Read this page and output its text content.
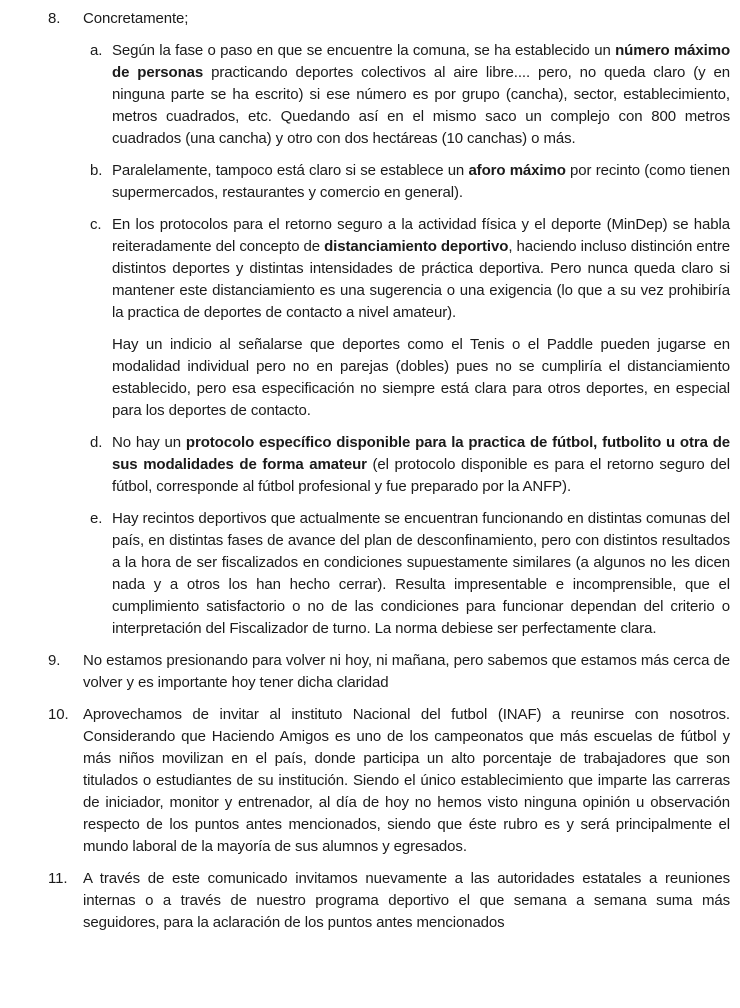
8.	Concretamente;

a. Según la fase o paso en que se encuentre la comuna, se ha establecido un número máximo de personas practicando deportes colectivos al aire libre.... pero, no queda claro (y en ninguna parte se ha escrito) si ese número es por grupo (cancha), sector, establecimiento, metros cuadrados, etc. Quedando así en el mismo saco un complejo con 800 metros cuadrados (una cancha) y otro con dos hectáreas (10 canchas) o más.

b. Paralelamente, tampoco está claro si se establece un aforo máximo por recinto (como tienen supermercados, restaurantes y comercio en general).

c. En los protocolos para el retorno seguro a la actividad física y el deporte (MinDep) se habla reiteradamente del concepto de distanciamiento deportivo, haciendo incluso distinción entre distintos deportes y distintas intensidades de práctica deportiva. Pero nunca queda claro si mantener este distanciamiento es una sugerencia o una exigencia (lo que a su vez prohibiría la practica de deportes de contacto a nivel amateur).

Hay un indicio al señalarse que deportes como el Tenis o el Paddle pueden jugarse en modalidad individual pero no en parejas (dobles) pues no se cumpliría el distanciamiento establecido, pero esa especificación no siempre está clara para otros deportes, en especial para los deportes de contacto.

d. No hay un protocolo específico disponible para la practica de fútbol, futbolito u otra de sus modalidades de forma amateur (el protocolo disponible es para el retorno seguro del fútbol, corresponde al fútbol profesional y fue preparado por la ANFP).

e. Hay recintos deportivos que actualmente se encuentran funcionando en distintas comunas del país, en distintas fases de avance del plan de desconfinamiento, pero con distintos resultados a la hora de ser fiscalizados en condiciones supuestamente similares (a algunos no les dicen nada y a otros los han hecho cerrar). Resulta impresentable e incomprensible, que el cumplimiento satisfactorio o no de las condiciones para funcionar dependan del criterio o interpretación del Fiscalizador de turno. La norma debiese ser perfectamente clara.

9.	No estamos presionando para volver ni hoy, ni mañana, pero sabemos que estamos más cerca de volver y es importante hoy tener dicha claridad

10. Aprovechamos de invitar al instituto Nacional del futbol (INAF) a reunirse con nosotros. Considerando que Haciendo Amigos es uno de los campeonatos que más escuelas de fútbol y más niños movilizan en el país, donde participa un alto porcentaje de trabajadores que son titulados o estudiantes de su institución. Siendo el único establecimiento que imparte las carreras de iniciador, monitor y entrenador, al día de hoy no hemos visto ninguna opinión u observación respecto de los puntos antes mencionados, siendo que éste rubro es y será principalmente el mundo laboral de la mayoría de sus alumnos y egresados.

11.	A través de este comunicado invitamos nuevamente a las autoridades estatales a reuniones internas o a través de nuestro programa deportivo el que semana a semana suma más seguidores, para la aclaración de los puntos antes mencionados
